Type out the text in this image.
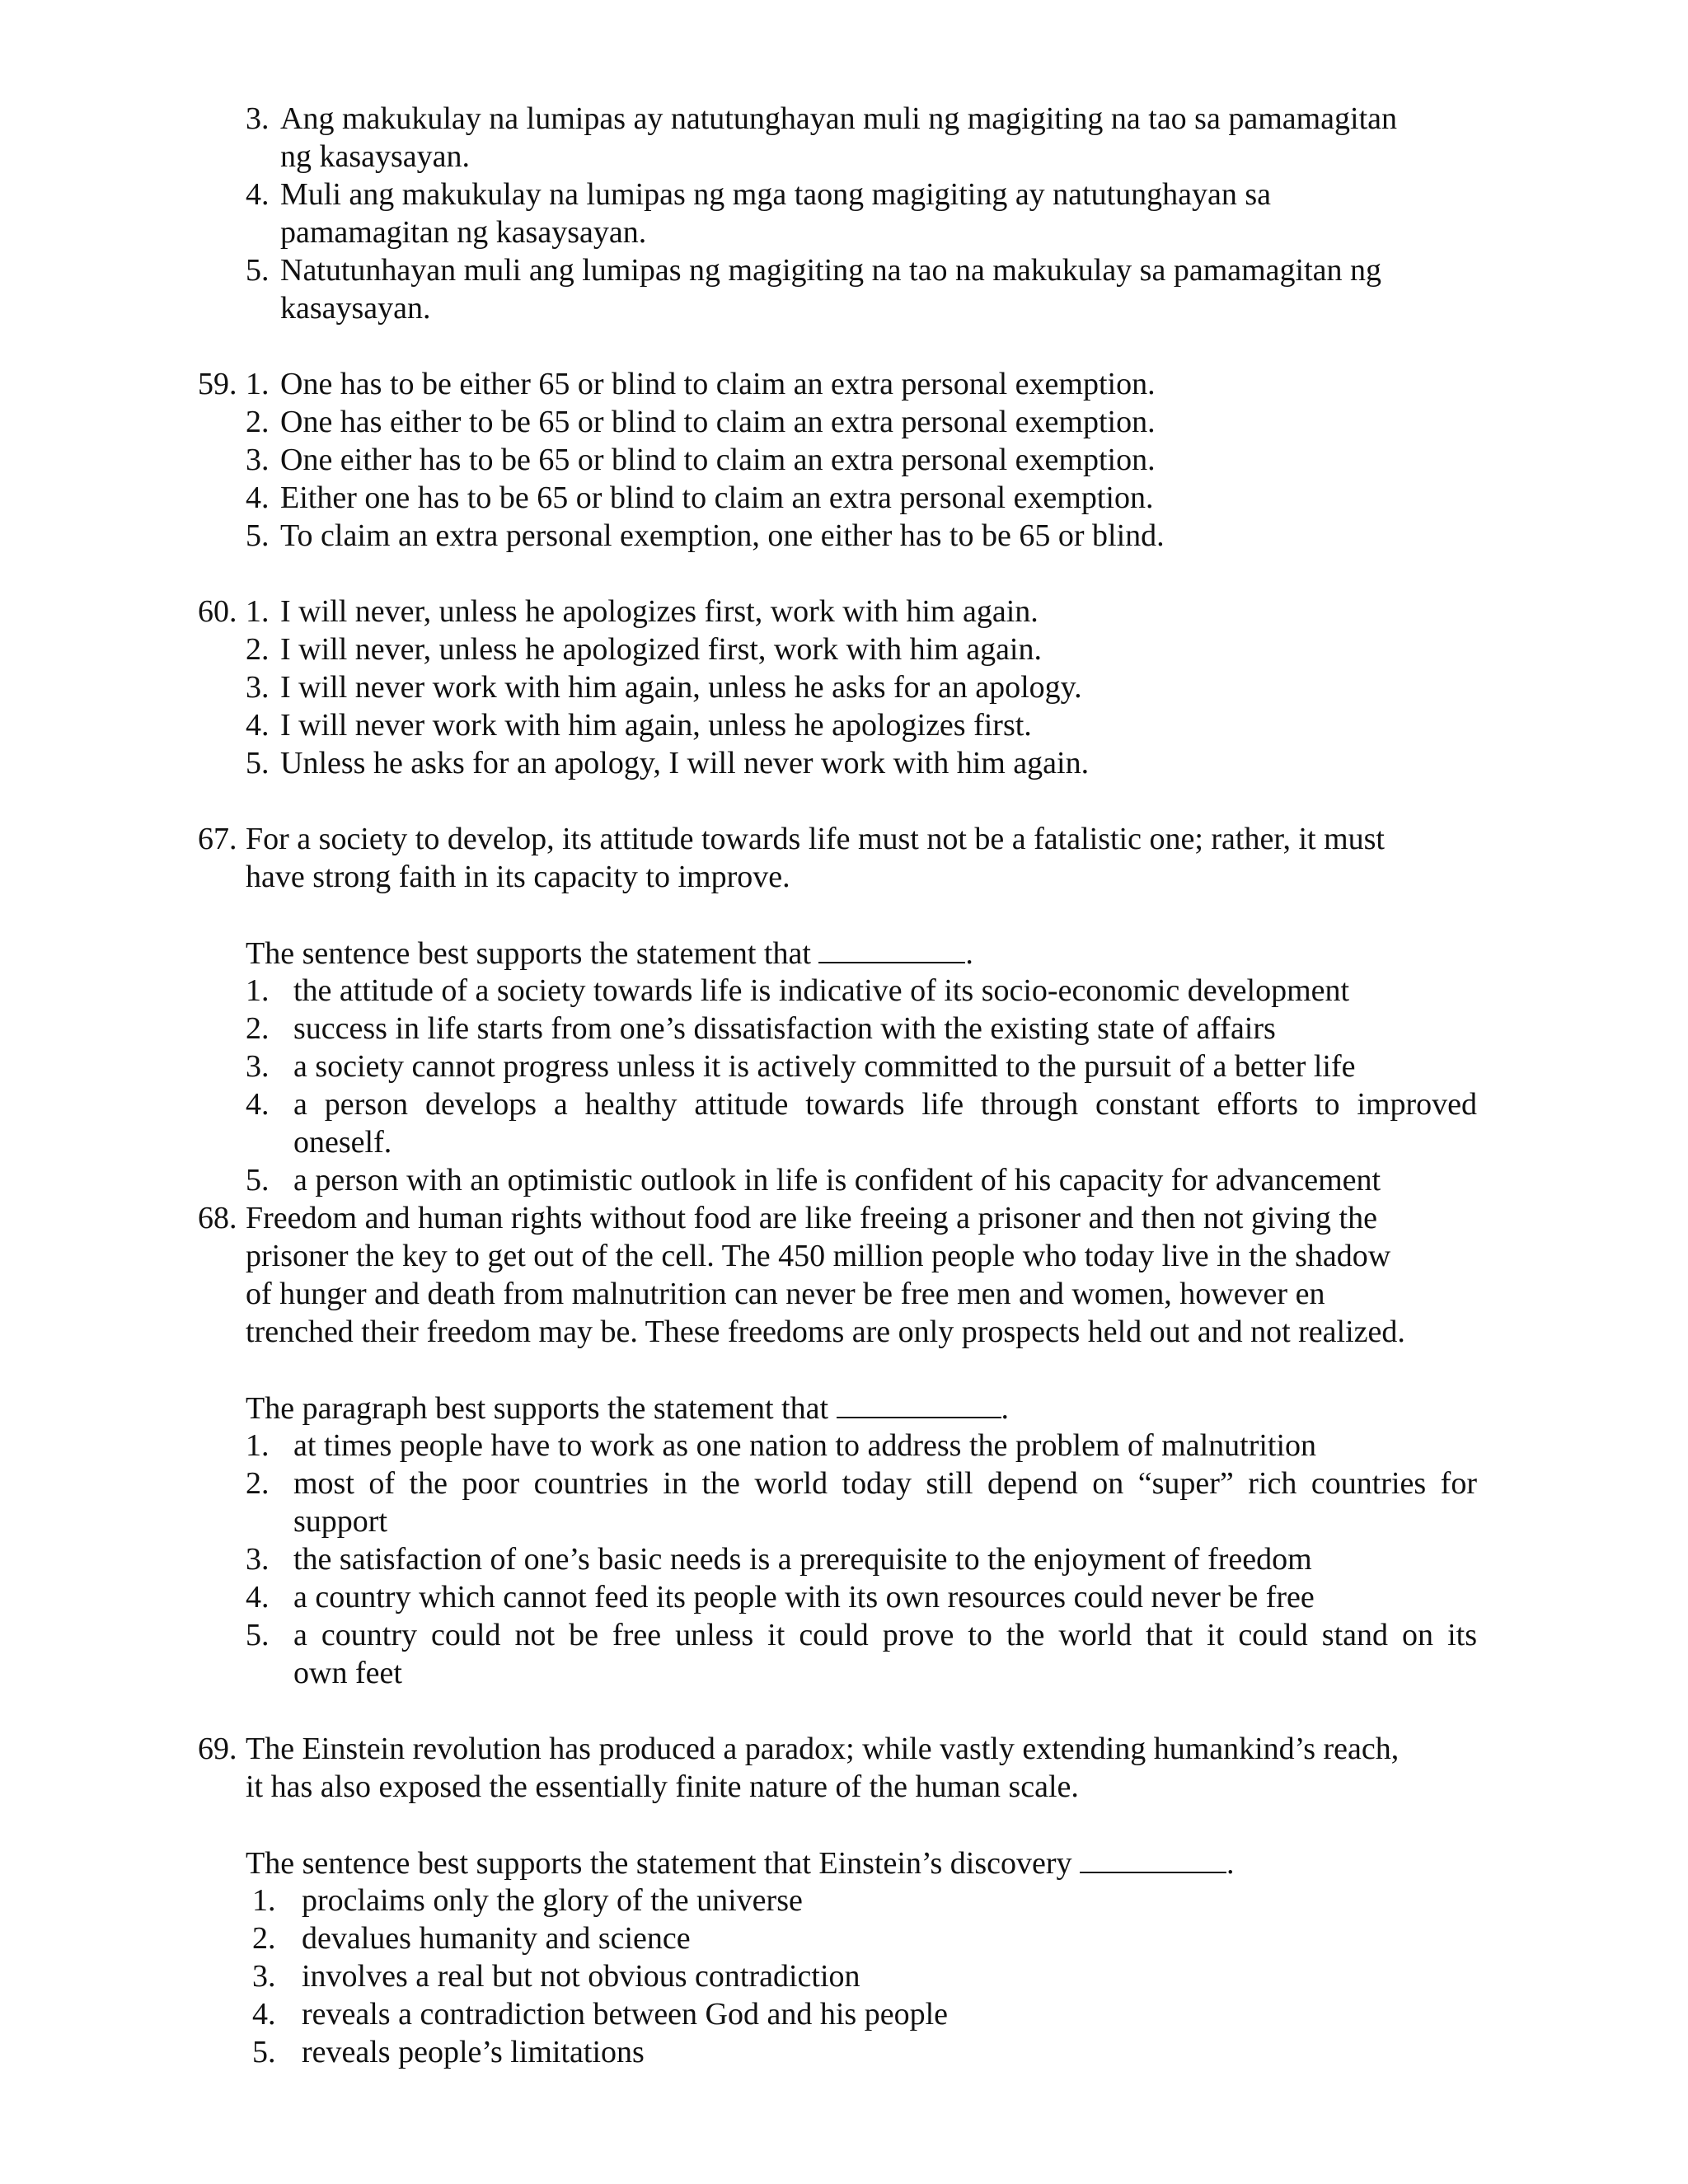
3. Ang makukulay na lumipas ay natutunghayan muli ng magigiting na tao sa pamamagitan
ng kasaysayan.
4. Muli ang makukulay na lumipas ng mga taong magigiting ay natutunghayan sa
pamamagitan ng kasaysayan.
5. Natutunhayan muli ang lumipas ng magigiting na tao na makukulay sa pamamagitan ng
kasaysayan.
59. 1. One has to be either 65 or blind to claim an extra personal exemption.
2. One has either to be 65 or blind to claim an extra personal exemption.
3. One either has to be 65 or blind to claim an extra personal exemption.
4. Either one has to be 65 or blind to claim an extra personal exemption.
5. To claim an extra personal exemption, one either has to be 65 or blind.
60. 1. I will never, unless he apologizes first, work with him again.
2. I will never, unless he apologized first, work with him again.
3. I will never work with him again, unless he asks for an apology.
4. I will never work with him again, unless he apologizes first.
5. Unless he asks for an apology, I will never work with him again.
67. For a society to develop, its attitude towards life must not be a fatalistic one; rather, it must
have strong faith in its capacity to improve.
The sentence best supports the statement that	.
1. the attitude of a society towards life is indicative of its socio-economic development
2. success in life starts from one’s dissatisfaction with the existing state of affairs
3. a society cannot progress unless it is actively committed to the pursuit of a better life
4. a person develops a healthy attitude towards life through constant efforts to improved
oneself.
5. a person with an optimistic outlook in life is confident of his capacity for advancement
68. Freedom and human rights without food are like freeing a prisoner and then not giving the
prisoner the key to get out of the cell. The 450 million people who today live in the shadow
of hunger and death from malnutrition can never be free men and women, however en
trenched their freedom may be. These freedoms are only prospects held out and not realized.
The paragraph best supports the statement that	.
1. at times people have to work as one nation to address the problem of malnutrition
2. most of the poor countries in the world today still depend on “super” rich countries for
support
3. the satisfaction of one’s basic needs is a prerequisite to the enjoyment of freedom
4. a country which cannot feed its people with its own resources could never be free
5. a country could not be free unless it could prove to the world that it could stand on its
own feet
69. The Einstein revolution has produced a paradox; while vastly extending humankind’s reach,
it has also exposed the essentially finite nature of the human scale.
The sentence best supports the statement that Einstein’s discovery	.
1. proclaims only the glory of the universe
2. devalues humanity and science
3. involves a real but not obvious contradiction
4. reveals a contradiction between God and his people
5. reveals people’s limitations
